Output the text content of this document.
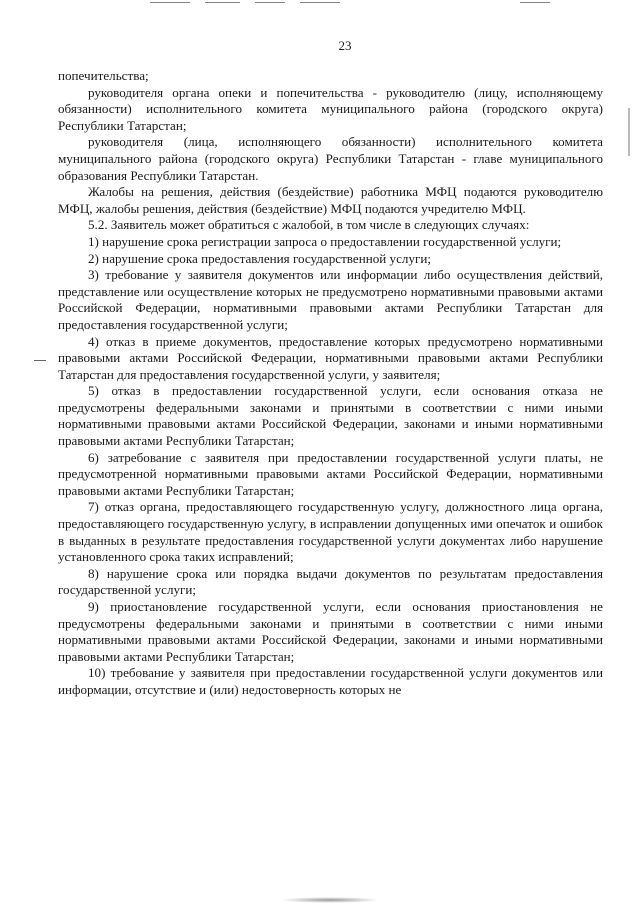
23

попечительства;

руководителя органа опеки и попечительства - руководителю (лицу, исполняющему обязанности) исполнительного комитета муниципального района (городского округа) Республики Татарстан;

руководителя (лица, исполняющего обязанности) исполнительного комитета муниципального района (городского округа) Республики Татарстан - главе муниципального образования Республики Татарстан.

Жалобы на решения, действия (бездействие) работника МФЦ подаются руководителю МФЦ, жалобы решения, действия (бездействие) МФЦ подаются учредителю МФЦ.

5.2. Заявитель может обратиться с жалобой, в том числе в следующих случаях:

1) нарушение срока регистрации запроса о предоставлении государственной услуги;

2) нарушение срока предоставления государственной услуги;

3) требование у заявителя документов или информации либо осуществления действий, представление или осуществление которых не предусмотрено нормативными правовыми актами Российской Федерации, нормативными правовыми актами Республики Татарстан для предоставления государственной услуги;

4) отказ в приеме документов, предоставление которых предусмотрено нормативными правовыми актами Российской Федерации, нормативными правовыми актами Республики Татарстан для предоставления государственной услуги, у заявителя;

5) отказ в предоставлении государственной услуги, если основания отказа не предусмотрены федеральными законами и принятыми в соответствии с ними иными нормативными правовыми актами Российской Федерации, законами и иными нормативными правовыми актами Республики Татарстан;

6) затребование с заявителя при предоставлении государственной услуги платы, не предусмотренной нормативными правовыми актами Российской Федерации, нормативными правовыми актами Республики Татарстан;

7) отказ органа, предоставляющего государственную услугу, должностного лица органа, предоставляющего государственную услугу, в исправлении допущенных ими опечаток и ошибок в выданных в результате предоставления государственной услуги документах либо нарушение установленного срока таких исправлений;

8) нарушение срока или порядка выдачи документов по результатам предоставления государственной услуги;

9) приостановление государственной услуги, если основания приостановления не предусмотрены федеральными законами и принятыми в соответствии с ними иными нормативными правовыми актами Российской Федерации, законами и иными нормативными правовыми актами Республики Татарстан;

10) требование у заявителя при предоставлении государственной услуги документов или информации, отсутствие и (или) недостоверность которых не
